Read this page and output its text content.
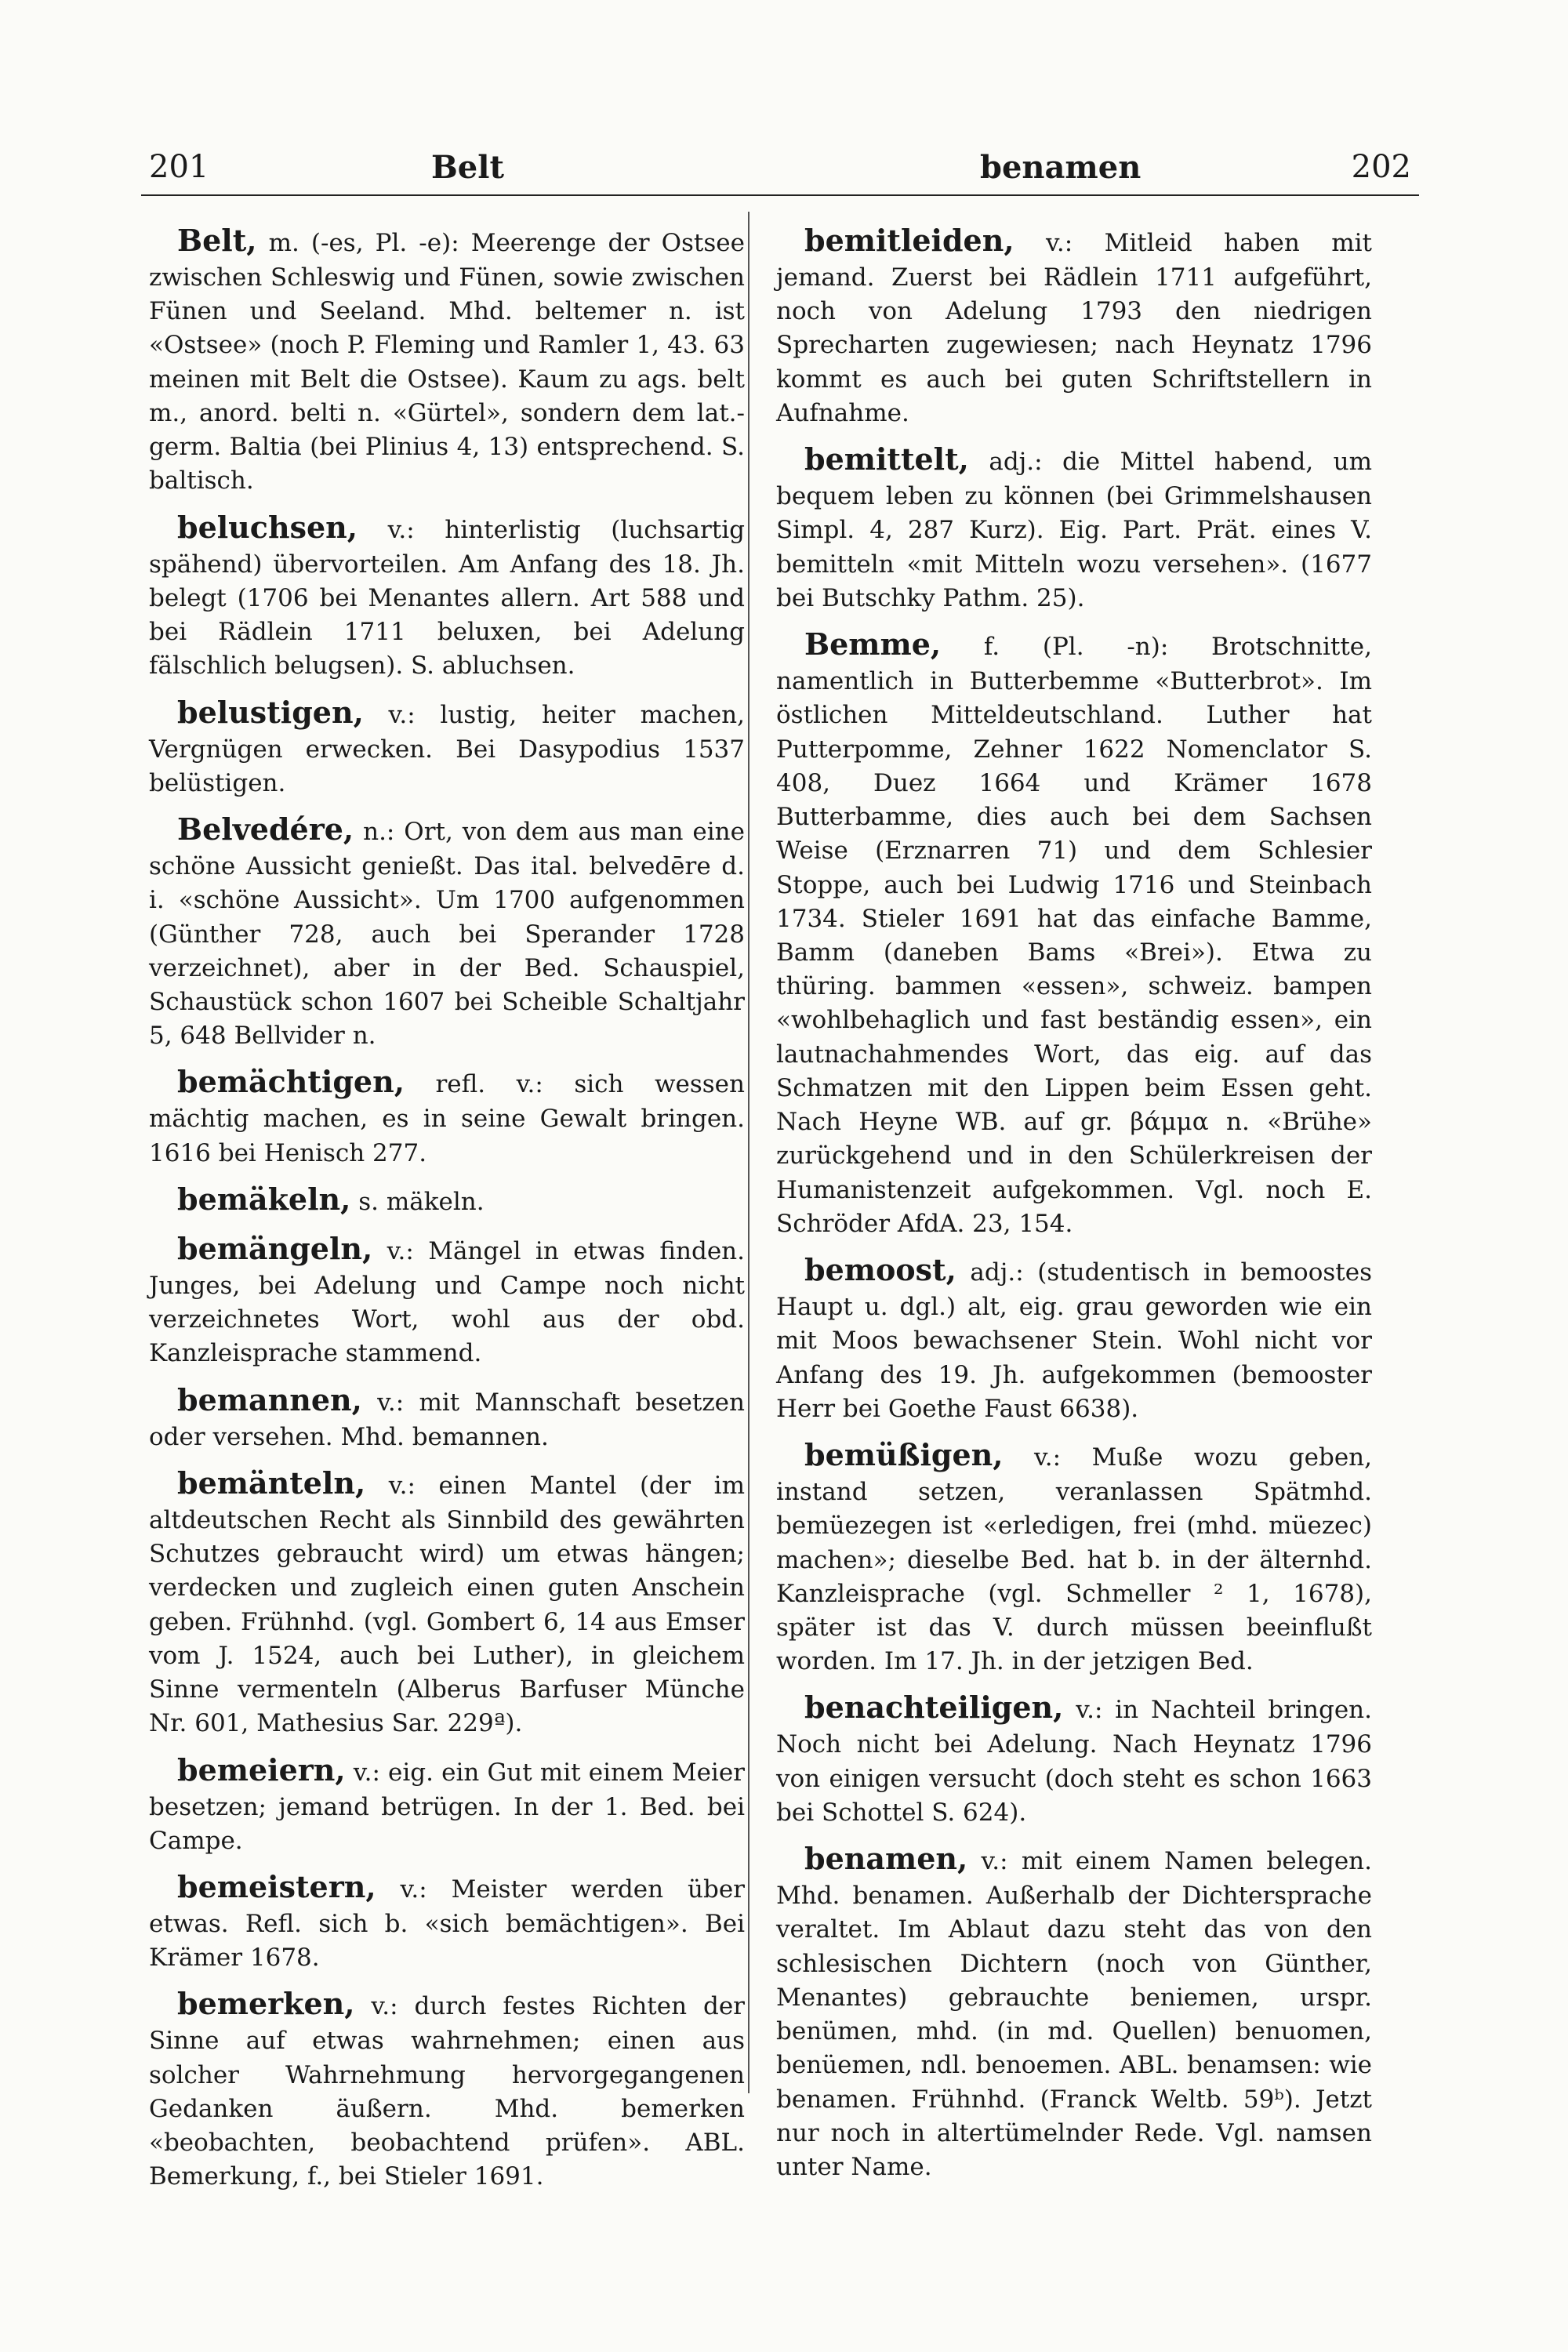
201	Belt	benamen	202

Belt, m. (-es, Pl. -e): Meerenge der Ostsee zwischen Schleswig und Fünen, sowie zwischen Fünen und Seeland. Mhd. beltemer n. ist «Ostsee» (noch P. Fleming und Ramler 1, 43. 63 meinen mit Belt die Ostsee). Kaum zu ags. belt m., anord. belti n. «Gürtel», sondern dem lat.-germ. Baltia (bei Plinius 4, 13) entsprechend. S. baltisch.

beluchsen, v.: hinterlistig (luchsartig spähend) übervorteilen. Am Anfang des 18. Jh. belegt (1706 bei Menantes allern. Art 588 und bei Rädlein 1711 beluxen, bei Adelung fälschlich belugsen). S. abluchsen.

belustigen, v.: lustig, heiter machen, Vergnügen erwecken. Bei Dasypodius 1537 belüstigen.

Belvedére, n.: Ort, von dem aus man eine schöne Aussicht genießt. Das ital. belvedēre d. i. «schöne Aussicht». Um 1700 aufgenommen (Günther 728, auch bei Sperander 1728 verzeichnet), aber in der Bed. Schauspiel, Schaustück schon 1607 bei Scheible Schaltjahr 5, 648 Bellvider n.

bemächtigen, refl. v.: sich wessen mächtig machen, es in seine Gewalt bringen. 1616 bei Henisch 277.

bemäkeln, s. mäkeln.

bemängeln, v.: Mängel in etwas finden. Junges, bei Adelung und Campe noch nicht verzeichnetes Wort, wohl aus der obd. Kanzleisprache stammend.

bemannen, v.: mit Mannschaft besetzen oder versehen. Mhd. bemannen.

bemänteln, v.: einen Mantel (der im altdeutschen Recht als Sinnbild des gewährten Schutzes gebraucht wird) um etwas hängen; verdecken und zugleich einen guten Anschein geben. Frühnhd. (vgl. Gombert 6, 14 aus Emser vom J. 1524, auch bei Luther), in gleichem Sinne vermenteln (Alberus Barfuser Münche Nr. 601, Mathesius Sar. 229ª).

bemeiern, v.: eig. ein Gut mit einem Meier besetzen; jemand betrügen. In der 1. Bed. bei Campe.

bemeistern, v.: Meister werden über etwas. Refl. sich b. «sich bemächtigen». Bei Krämer 1678.

bemerken, v.: durch festes Richten der Sinne auf etwas wahrnehmen; einen aus solcher Wahrnehmung hervorgegangenen Gedanken äußern. Mhd. bemerken «beobachten, beobachtend prüfen». ABL. Bemerkung, f., bei Stieler 1691.

bemitleiden, v.: Mitleid haben mit jemand. Zuerst bei Rädlein 1711 aufgeführt, noch von Adelung 1793 den niedrigen Sprecharten zugewiesen; nach Heynatz 1796 kommt es auch bei guten Schriftstellern in Aufnahme.

bemittelt, adj.: die Mittel habend, um bequem leben zu können (bei Grimmelshausen Simpl. 4, 287 Kurz). Eig. Part. Prät. eines V. bemitteln «mit Mitteln wozu versehen». (1677 bei Butschky Pathm. 25).

Bemme, f. (Pl. -n): Brotschnitte, namentlich in Butterbemme «Butterbrot». Im östlichen Mitteldeutschland. Luther hat Putterpomme, Zehner 1622 Nomenclator S. 408, Duez 1664 und Krämer 1678 Butterbamme, dies auch bei dem Sachsen Weise (Erznarren 71) und dem Schlesier Stoppe, auch bei Ludwig 1716 und Steinbach 1734. Stieler 1691 hat das einfache Bamme, Bamm (daneben Bams «Brei»). Etwa zu thüring. bammen «essen», schweiz. bampen «wohlbehaglich und fast beständig essen», ein lautnachahmendes Wort, das eig. auf das Schmatzen mit den Lippen beim Essen geht. Nach Heyne WB. auf gr. βάμμα n. «Brühe» zurückgehend und in den Schülerkreisen der Humanistenzeit aufgekommen. Vgl. noch E. Schröder AfdA. 23, 154.

bemoost, adj.: (studentisch in bemoostes Haupt u. dgl.) alt, eig. grau geworden wie ein mit Moos bewachsener Stein. Wohl nicht vor Anfang des 19. Jh. aufgekommen (bemooster Herr bei Goethe Faust 6638).

bemüßigen, v.: Muße wozu geben, instand setzen, veranlassen Spätmhd. bemüezegen ist «erledigen, frei (mhd. müezec) machen»; dieselbe Bed. hat b. in der älternhd. Kanzleisprache (vgl. Schmeller ² 1, 1678), später ist das V. durch müssen beeinflußt worden. Im 17. Jh. in der jetzigen Bed.

benachteiligen, v.: in Nachteil bringen. Noch nicht bei Adelung. Nach Heynatz 1796 von einigen versucht (doch steht es schon 1663 bei Schottel S. 624).

benamen, v.: mit einem Namen belegen. Mhd. benamen. Außerhalb der Dichtersprache veraltet. Im Ablaut dazu steht das von den schlesischen Dichtern (noch von Günther, Menantes) gebrauchte beniemen, urspr. benümen, mhd. (in md. Quellen) benuomen, benüemen, ndl. benoemen. ABL. benamsen: wie benamen. Frühnhd. (Franck Weltb. 59ᵇ). Jetzt nur noch in altertümelnder Rede. Vgl. namsen unter Name.
